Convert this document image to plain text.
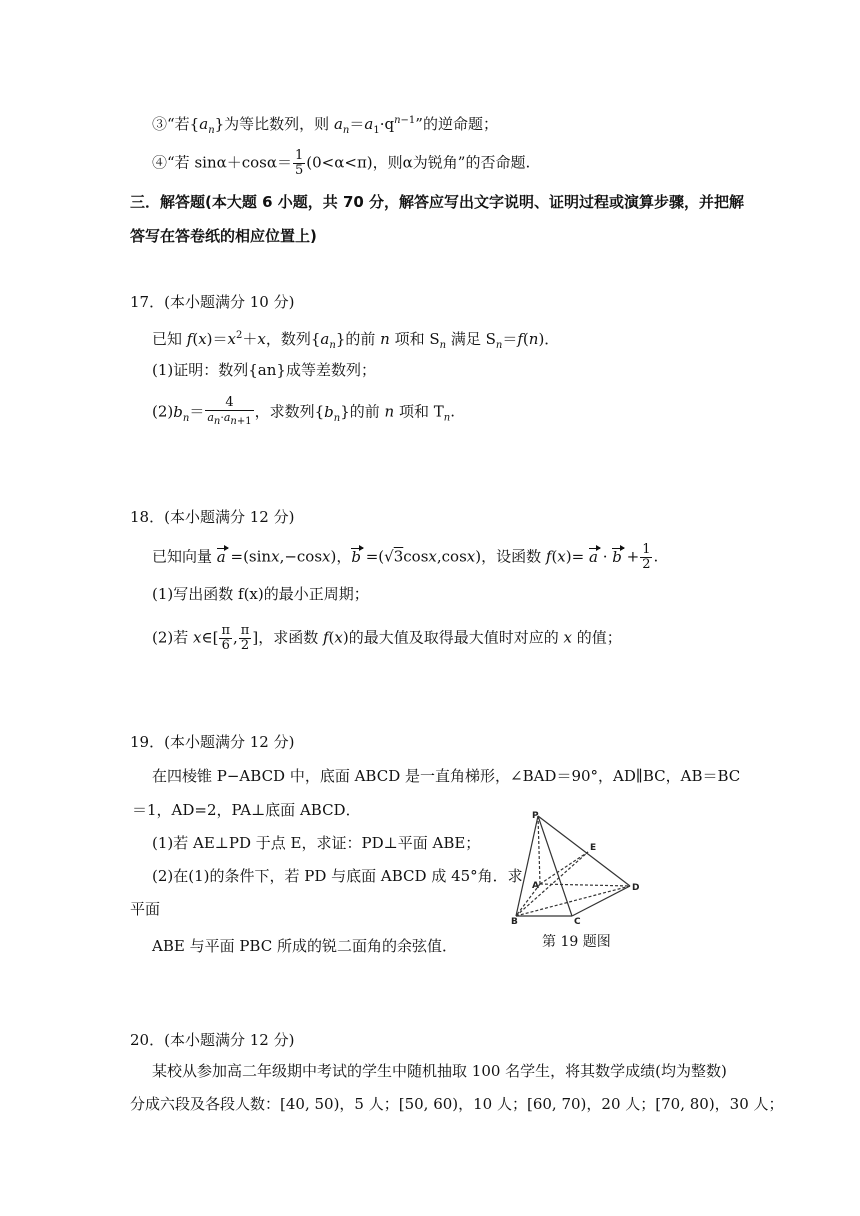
③“若$\{a_n\}$为等比数列，则 $a_n=a_1\cdot q^{n-1}$”的逆命题；
④“若 $\sin\alpha+\cos\alpha= \frac{1}{5} (0<\alpha<\pi)$，则α为锐角”的否命题.
三．解答题(本大题 6 小题，共 70 分，解答应写出文字说明、证明过程或演算步骤，并把解
答写在答卷纸的相应位置上)
17．(本小题满分 10 分)
已知 $f(x)=x^2+x$，数列$\{a_n\}$的前 n 项和 $S_n$ 满足 $S_n=f(n)$．
(1)证明：数列{an}成等差数列；
$(2)b_n= \frac{4}{a_n\cdot a_{n+1}}$ ，求数列$\{b_n\}$的前 n 项和 $T_n$.
18．(本小题满分 12 分)
已知向量 a =(sinx,−cosx)，b =(√3cosx,cosx)，设函数 $f(x)= a \cdot b + \frac{1}{2}$ .
(1)写出函数 f(x)的最小正周期；
(2)若 x∈[ $\frac{\pi}{6}$ , $\frac{\pi}{2}$ ]，求函数 f(x)的最大值及取得最大值时对应的 x 的值；
19．(本小题满分 12 分)
在四棱锥 P−ABCD 中，底面 ABCD 是一直角梯形，∠BAD＝90°，AD∥BC，AB＝BC
＝1，AD=2，PA⊥底面 ABCD．
(1)若 AE⊥PD 于点 E，求证：PD⊥平面 ABE；
(2)在(1)的条件下，若 PD 与底面 ABCD 成 45°角．求
平面
ABE 与平面 PBC 所成的锐二面角的余弦值．
P
E
A	D
B	C
第 19 题图
20．(本小题满分 12 分)
某校从参加高二年级期中考试的学生中随机抽取 100 名学生，将其数学成绩(均为整数)
分成六段及各段人数：[40, 50)，5 人；[50, 60)，10 人；[60, 70)，20 人；[70, 80)，30 人；
